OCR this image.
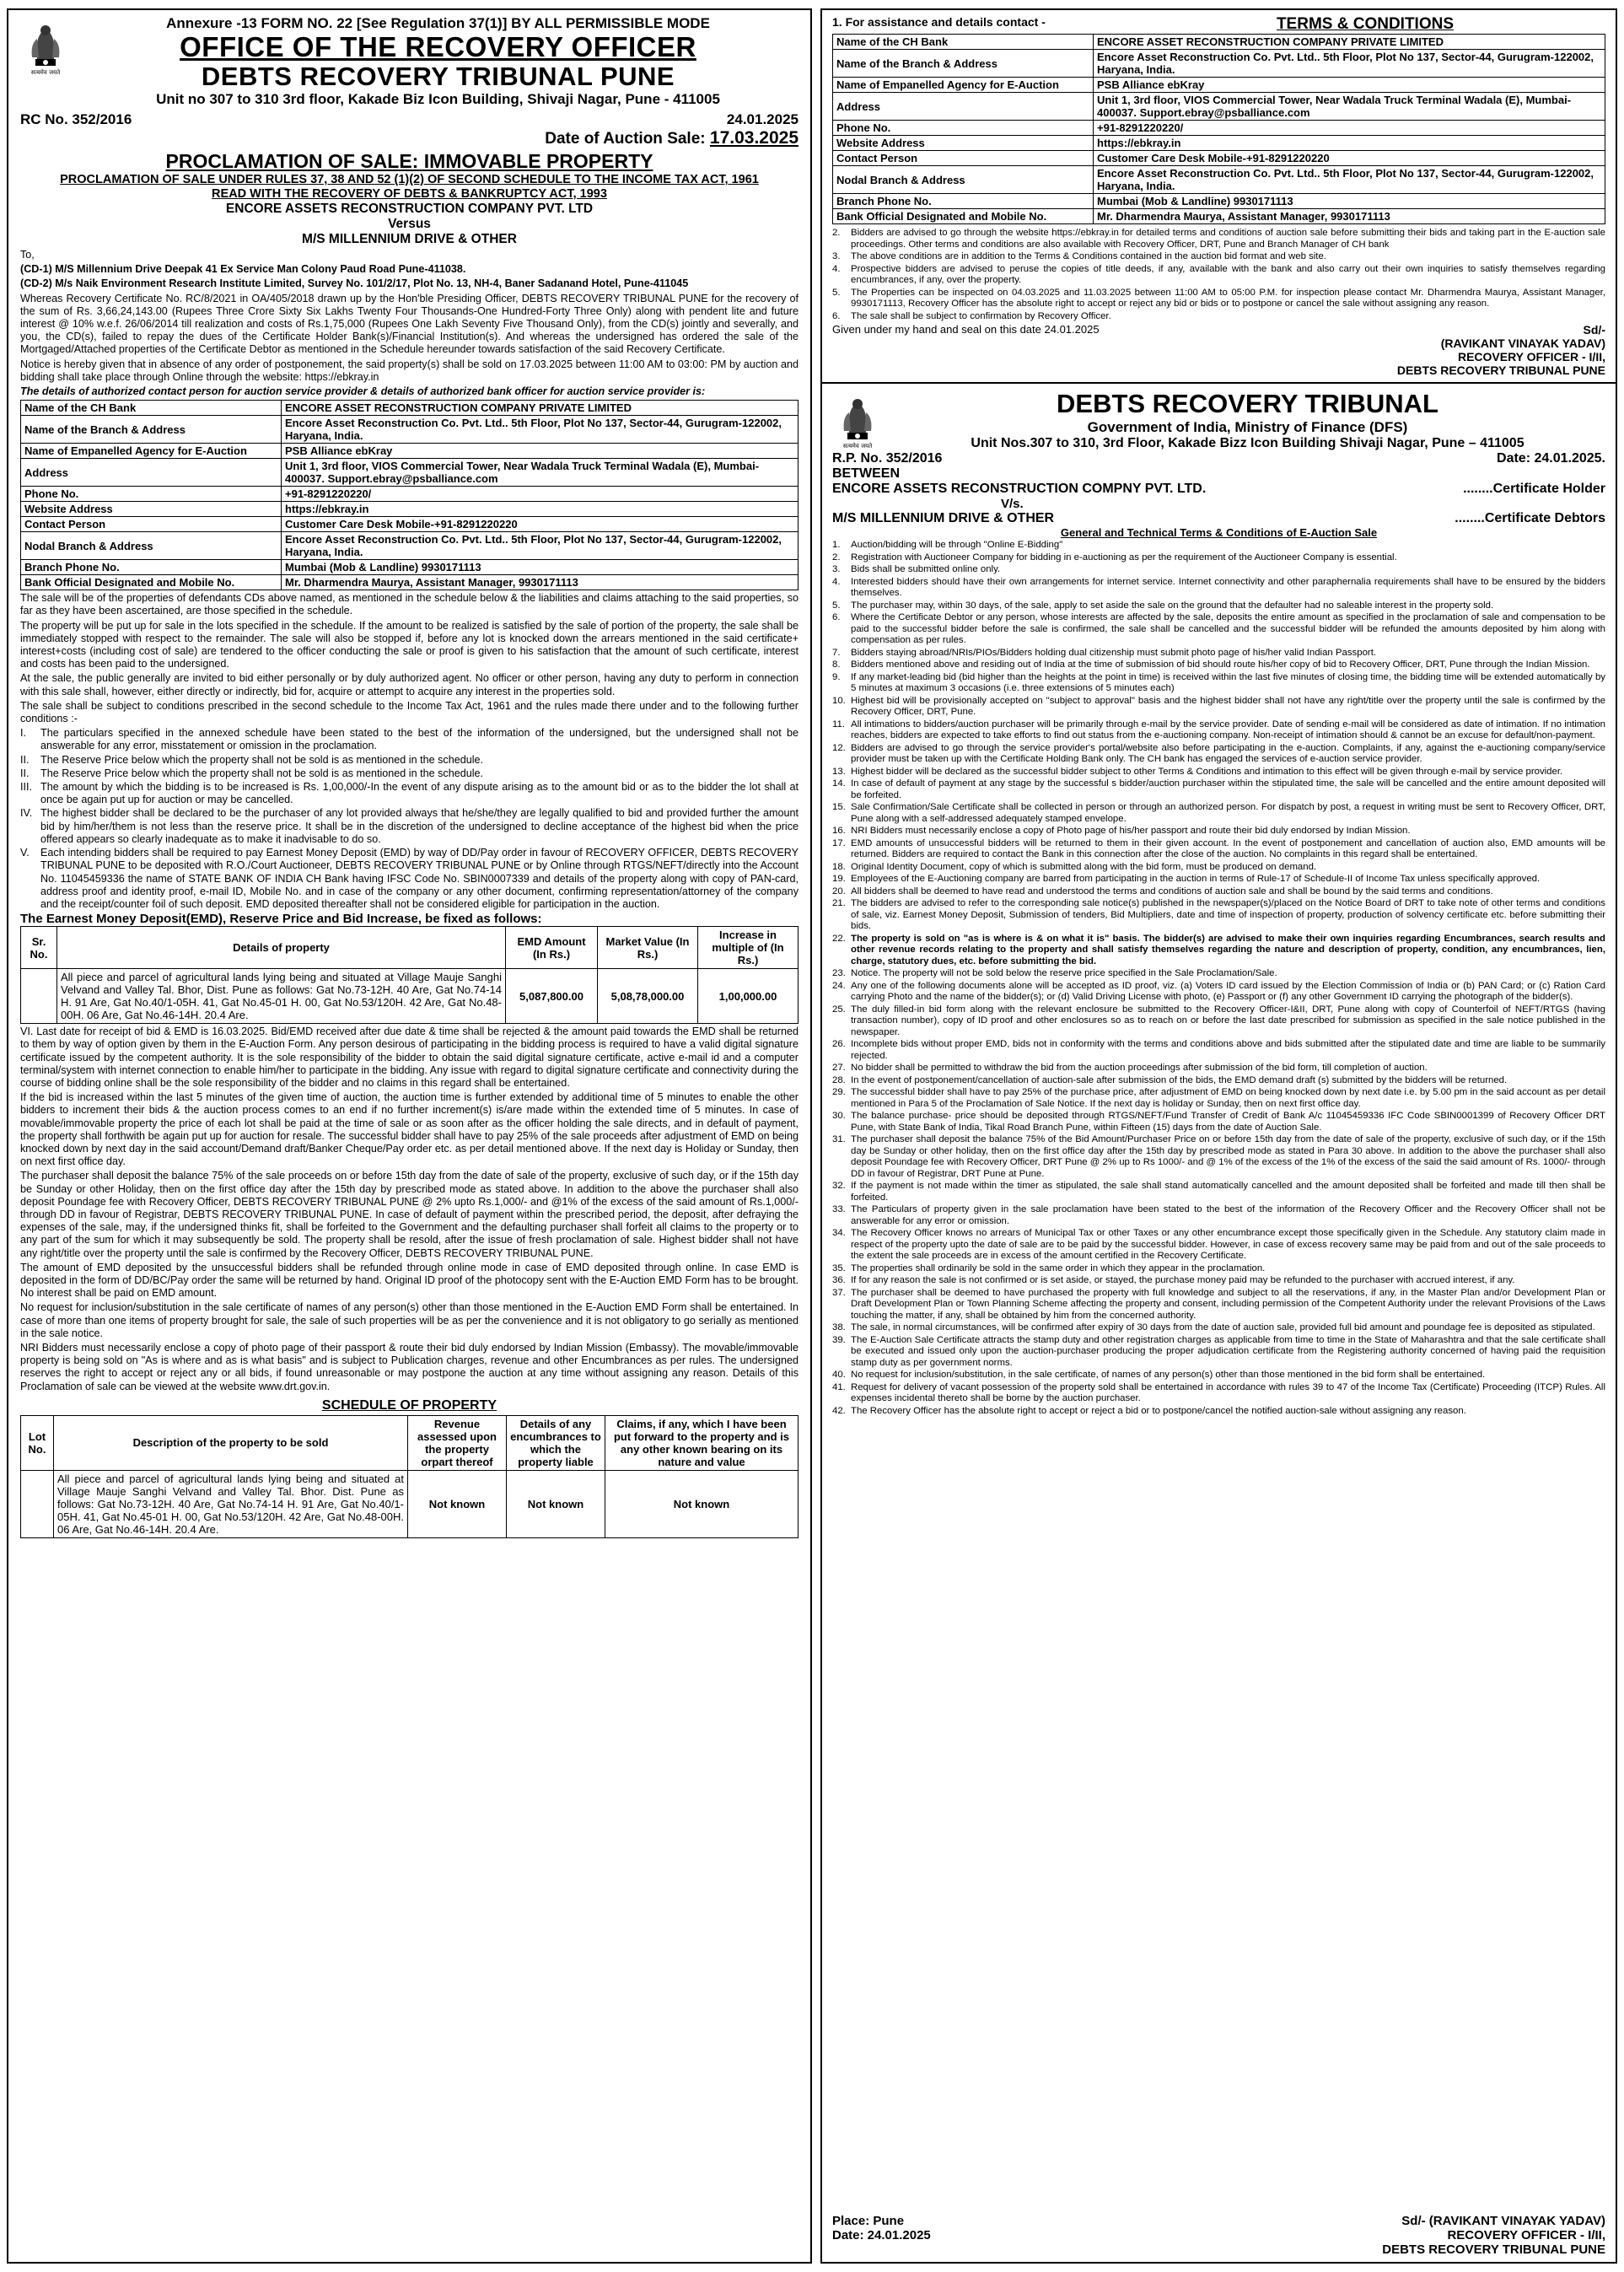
सत्यमेव जयते
Annexure -13 FORM NO. 22 [See Regulation 37(1)] BY ALL PERMISSIBLE MODE
OFFICE OF THE RECOVERY OFFICER
DEBTS RECOVERY TRIBUNAL PUNE
Unit no 307 to 310 3rd floor, Kakade Biz Icon Building, Shivaji Nagar, Pune - 411005
RC No. 352/2016	24.01.2025
Date of Auction Sale: 17.03.2025
PROCLAMATION OF SALE: IMMOVABLE PROPERTY
PROCLAMATION OF SALE UNDER RULES 37, 38 AND 52 (1)(2) OF SECOND SCHEDULE TO THE INCOME TAX ACT, 1961
READ WITH THE RECOVERY OF DEBTS & BANKRUPTCY ACT, 1993
ENCORE ASSETS RECONSTRUCTION COMPANY PVT. LTD
Versus
M/S MILLENNIUM DRIVE & OTHER
To,
(CD-1) M/S Millennium Drive Deepak 41 Ex Service Man Colony Paud Road Pune-411038.
(CD-2) M/s Naik Environment Research Institute Limited, Survey No. 101/2/17, Plot No. 13, NH-4, Baner Sadanand Hotel, Pune-411045
Whereas Recovery Certificate No. RC/8/2021 in OA/405/2018 drawn up by the Hon'ble Presiding Officer, DEBTS RECOVERY TRIBUNAL PUNE for the recovery of the sum of Rs. 3,66,24,143.00 (Rupees Three Crore Sixty Six Lakhs Twenty Four Thousands-One Hundred-Forty Three Only) along with pendent lite and future interest @ 10% w.e.f. 26/06/2014 till realization and costs of Rs.1,75,000 (Rupees One Lakh Seventy Five Thousand Only), from the CD(s) jointly and severally, and you, the CD(s), failed to repay the dues of the Certificate Holder Bank(s)/Financial Institution(s). And whereas the undersigned has ordered the sale of the Mortgaged/Attached properties of the Certificate Debtor as mentioned in the Schedule hereunder towards satisfaction of the said Recovery Certificate.
Notice is hereby given that in absence of any order of postponement, the said property(s) shall be sold on 17.03.2025 between 11:00 AM to 03:00: PM by auction and bidding shall take place through Online through the website: https://ebkray.in
The details of authorized contact person for auction service provider & details of authorized bank officer for auction service provider is:
Name of the CH Bank	ENCORE ASSET RECONSTRUCTION COMPANY PRIVATE LIMITED
Name of the Branch & Address	Encore Asset Reconstruction Co. Pvt. Ltd.. 5th Floor, Plot No 137, Sector-44, Gurugram-122002, Haryana, India.
Name of Empanelled Agency for E-Auction	PSB Alliance ebKray
Address	Unit 1, 3rd floor, VIOS Commercial Tower, Near Wadala Truck Terminal Wadala (E), Mumbai-400037. Support.ebray@psballiance.com
Phone No.	+91-8291220220/
Website Address	https://ebkray.in
Contact Person	Customer Care Desk Mobile-+91-8291220220
Nodal Branch & Address	Encore Asset Reconstruction Co. Pvt. Ltd.. 5th Floor, Plot No 137, Sector-44, Gurugram-122002, Haryana, India.
Branch Phone No.	Mumbai (Mob & Landline) 9930171113
Bank Official Designated and Mobile No.	Mr. Dharmendra Maurya, Assistant Manager, 9930171113
The sale will be of the properties of defendants CDs above named, as mentioned in the schedule below & the liabilities and claims attaching to the said properties, so far as they have been ascertained, are those specified in the schedule.
The property will be put up for sale in the lots specified in the schedule. If the amount to be realized is satisfied by the sale of portion of the property, the sale shall be immediately stopped with respect to the remainder. The sale will also be stopped if, before any lot is knocked down the arrears mentioned in the said certificate+ interest+costs (including cost of sale) are tendered to the officer conducting the sale or proof is given to his satisfaction that the amount of such certificate, interest and costs has been paid to the undersigned.
At the sale, the public generally are invited to bid either personally or by duly authorized agent. No officer or other person, having any duty to perform in connection with this sale shall, however, either directly or indirectly, bid for, acquire or attempt to acquire any interest in the properties sold.
The sale shall be subject to conditions prescribed in the second schedule to the Income Tax Act, 1961 and the rules made there under and to the following further conditions :-
I.	The particulars specified in the annexed schedule have been stated to the best of the information of the undersigned, but the undersigned shall not be answerable for any error, misstatement or omission in the proclamation.
II.	The Reserve Price below which the property shall not be sold is as mentioned in the schedule.
II.	The Reserve Price below which the property shall not be sold is as mentioned in the schedule.
III. The amount by which the bidding is to be increased is Rs. 1,00,000/-In the event of any dispute arising as to the amount bid or as to the bidder the lot shall at once be again put up for auction or may be cancelled.
IV. The highest bidder shall be declared to be the purchaser of any lot provided always that he/she/they are legally qualified to bid and provided further the amount bid by him/her/them is not less than the reserve price. It shall be in the discretion of the undersigned to decline acceptance of the highest bid when the price offered appears so clearly inadequate as to make it inadvisable to do so.
V.	Each intending bidders shall be required to pay Earnest Money Deposit (EMD) by way of DD/Pay order in favour of RECOVERY OFFICER, DEBTS RECOVERY TRIBUNAL PUNE to be deposited with R.O./Court Auctioneer, DEBTS RECOVERY TRIBUNAL PUNE or by Online through RTGS/NEFT/directly into the Account No. 11045459336 the name of STATE BANK OF INDIA CH Bank having IFSC Code No. SBIN0007339 and details of the property along with copy of PAN-card, address proof and identity proof, e-mail ID, Mobile No. and in case of the company or any other document, confirming representation/attorney of the company and the receipt/counter foil of such deposit. EMD deposited thereafter shall not be considered eligible for participation in the auction.
The Earnest Money Deposit(EMD), Reserve Price and Bid Increase, be fixed as follows:
Sr. No.	Details of property	EMD Amount (In Rs.)	Market Value (In Rs.)	Increase in multiple of (In Rs.)
	All piece and parcel of agricultural lands lying being and situated at Village Mauje Sanghi Velvand and Valley Tal. Bhor, Dist. Pune as follows: Gat No.73-12H. 40 Are, Gat No.74-14 H. 91 Are, Gat No.40/1-05H. 41, Gat No.45-01 H. 00, Gat No.53/120H. 42 Are, Gat No.48-00H. 06 Are, Gat No.46-14H. 20.4 Are.	5,087,800.00	5,08,78,000.00	1,00,000.00
VI. Last date for receipt of bid & EMD is 16.03.2025. Bid/EMD received after due date & time shall be rejected & the amount paid towards the EMD shall be returned to them by way of option given by them in the E-Auction Form. Any person desirous of participating in the bidding process is required to have a valid digital signature certificate issued by the competent authority. It is the sole responsibility of the bidder to obtain the said digital signature certificate, active e-mail id and a computer terminal/system with internet connection to enable him/her to participate in the bidding. Any issue with regard to digital signature certificate and connectivity during the course of bidding online shall be the sole responsibility of the bidder and no claims in this regard shall be entertained.
If the bid is increased within the last 5 minutes of the given time of auction, the auction time is further extended by additional time of 5 minutes to enable the other bidders to increment their bids & the auction process comes to an end if no further increment(s) is/are made within the extended time of 5 minutes. In case of movable/immovable property the price of each lot shall be paid at the time of sale or as soon after as the officer holding the sale directs, and in default of payment, the property shall forthwith be again put up for auction for resale. The successful bidder shall have to pay 25% of the sale proceeds after adjustment of EMD on being knocked down by next day in the said account/Demand draft/Banker Cheque/Pay order etc. as per detail mentioned above. If the next day is Holiday or Sunday, then on next first office day.
The purchaser shall deposit the balance 75% of the sale proceeds on or before 15th day from the date of sale of the property, exclusive of such day, or if the 15th day be Sunday or other Holiday, then on the first office day after the 15th day by prescribed mode as stated above. In addition to the above the purchaser shall also deposit Poundage fee with Recovery Officer, DEBTS RECOVERY TRIBUNAL PUNE @ 2% upto Rs.1,000/- and @1% of the excess of the said amount of Rs.1,000/- through DD in favour of Registrar, DEBTS RECOVERY TRIBUNAL PUNE. In case of default of payment within the prescribed period, the deposit, after defraying the expenses of the sale, may, if the undersigned thinks fit, shall be forfeited to the Government and the defaulting purchaser shall forfeit all claims to the property or to any part of the sum for which it may subsequently be sold. The property shall be resold, after the issue of fresh proclamation of sale. Highest bidder shall not have any right/title over the property until the sale is confirmed by the Recovery Officer, DEBTS RECOVERY TRIBUNAL PUNE.
The amount of EMD deposited by the unsuccessful bidders shall be refunded through online mode in case of EMD deposited through online. In case EMD is deposited in the form of DD/BC/Pay order the same will be returned by hand. Original ID proof of the photocopy sent with the E-Auction EMD Form has to be brought. No interest shall be paid on EMD amount.
No request for inclusion/substitution in the sale certificate of names of any person(s) other than those mentioned in the E-Auction EMD Form shall be entertained. In case of more than one items of property brought for sale, the sale of such properties will be as per the convenience and it is not obligatory to go serially as mentioned in the sale notice.
NRI Bidders must necessarily enclose a copy of photo page of their passport & route their bid duly endorsed by Indian Mission (Embassy). The movable/immovable property is being sold on "As is where and as is what basis" and is subject to Publication charges, revenue and other Encumbrances as per rules. The undersigned reserves the right to accept or reject any or all bids, if found unreasonable or may postpone the auction at any time without assigning any reason. Details of this Proclamation of sale can be viewed at the website www.drt.gov.in.
SCHEDULE OF PROPERTY
Lot No.	Description of the property to be sold	Revenue assessed upon the property orpart thereof	Details of any encumbrances to which the property liable	Claims, if any, which I have been put forward to the property and is any other known bearing on its nature and value
	All piece and parcel of agricultural lands lying being and situated at Village Mauje Sanghi Velvand and Valley Tal. Bhor. Dist. Pune as follows: Gat No.73-12H. 40 Are, Gat No.74-14 H. 91 Are, Gat No.40/1-05H. 41, Gat No.45-01 H. 00, Gat No.53/120H. 42 Are, Gat No.48-00H. 06 Are, Gat No.46-14H. 20.4 Are.	Not known	Not known	Not known
1. For assistance and details contact -	TERMS & CONDITIONS
Name of the CH Bank	ENCORE ASSET RECONSTRUCTION COMPANY PRIVATE LIMITED
Name of the Branch & Address	Encore Asset Reconstruction Co. Pvt. Ltd.. 5th Floor, Plot No 137, Sector-44, Gurugram-122002, Haryana, India.
Name of Empanelled Agency for E-Auction	PSB Alliance ebKray
Address	Unit 1, 3rd floor, VIOS Commercial Tower, Near Wadala Truck Terminal Wadala (E), Mumbai-400037. Support.ebray@psballiance.com
Phone No.	+91-8291220220/
Website Address	https://ebkray.in
Contact Person	Customer Care Desk Mobile-+91-8291220220
Nodal Branch & Address	Encore Asset Reconstruction Co. Pvt. Ltd.. 5th Floor, Plot No 137, Sector-44, Gurugram-122002, Haryana, India.
Branch Phone No.	Mumbai (Mob & Landline) 9930171113
Bank Official Designated and Mobile No.	Mr. Dharmendra Maurya, Assistant Manager, 9930171113
2.	Bidders are advised to go through the website https://ebkray.in for detailed terms and conditions of auction sale before submitting their bids and taking part in the E-auction sale proceedings. Other terms and conditions are also available with Recovery Officer, DRT, Pune and Branch Manager of CH bank
3.	The above conditions are in addition to the Terms & Conditions contained in the auction bid format and web site.
4.	Prospective bidders are advised to peruse the copies of title deeds, if any, available with the bank and also carry out their own inquiries to satisfy themselves regarding encumbrances, if any, over the property.
5.	The Properties can be inspected on 04.03.2025 and 11.03.2025 between 11:00 AM to 05:00 P.M. for inspection please contact Mr. Dharmendra Maurya, Assistant Manager, 9930171113, Recovery Officer has the absolute right to accept or reject any bid or bids or to postpone or cancel the sale without assigning any reason.
6.	The sale shall be subject to confirmation by Recovery Officer.
Given under my hand and seal on this date 24.01.2025	Sd/-
(RAVIKANT VINAYAK YADAV)
RECOVERY OFFICER - I/II,
DEBTS RECOVERY TRIBUNAL PUNE
सत्यमेव जयते
DEBTS RECOVERY TRIBUNAL
Government of India, Ministry of Finance (DFS)
Unit Nos.307 to 310, 3rd Floor, Kakade Bizz Icon Building Shivaji Nagar, Pune – 411005
R.P. No. 352/2016	Date: 24.01.2025.
BETWEEN
ENCORE ASSETS RECONSTRUCTION COMPNY PVT. LTD.	........Certificate Holder
V/s.
M/S MILLENNIUM DRIVE & OTHER	........Certificate Debtors
General and Technical Terms & Conditions of E-Auction Sale
1.	Auction/bidding will be through "Online E-Bidding"
2.	Registration with Auctioneer Company for bidding in e-auctioning as per the requirement of the Auctioneer Company is essential.
3.	Bids shall be submitted online only.
4.	Interested bidders should have their own arrangements for internet service. Internet connectivity and other paraphernalia requirements shall have to be ensured by the bidders themselves.
5.	The purchaser may, within 30 days, of the sale, apply to set aside the sale on the ground that the defaulter had no saleable interest in the property sold.
6.	Where the Certificate Debtor or any person, whose interests are affected by the sale, deposits the entire amount as specified in the proclamation of sale and compensation to be paid to the successful bidder before the sale is confirmed, the sale shall be cancelled and the successful bidder will be refunded the amounts deposited by him along with compensation as per rules.
7.	Bidders staying abroad/NRIs/PIOs/Bidders holding dual citizenship must submit photo page of his/her valid Indian Passport.
8.	Bidders mentioned above and residing out of India at the time of submission of bid should route his/her copy of bid to Recovery Officer, DRT, Pune through the Indian Mission.
9.	If any market-leading bid (bid higher than the heights at the point in time) is received within the last five minutes of closing time, the bidding time will be extended automatically by 5 minutes at maximum 3 occasions (i.e. three extensions of 5 minutes each)
10. Highest bid will be provisionally accepted on "subject to approval" basis and the highest bidder shall not have any right/title over the property until the sale is confirmed by the Recovery Officer, DRT, Pune.
11. All intimations to bidders/auction purchaser will be primarily through e-mail by the service provider. Date of sending e-mail will be considered as date of intimation. If no intimation reaches, bidders are expected to take efforts to find out status from the e-auctioning company. Non-receipt of intimation should & cannot be an excuse for default/non-payment.
12. Bidders are advised to go through the service provider's portal/website also before participating in the e-auction. Complaints, if any, against the e-auctioning company/service provider must be taken up with the Certificate Holding Bank only. The CH bank has engaged the services of e-auction service provider.
13. Highest bidder will be declared as the successful bidder subject to other Terms & Conditions and intimation to this effect will be given through e-mail by service provider.
14. In case of default of payment at any stage by the successful s bidder/auction purchaser within the stipulated time, the sale will be cancelled and the entire amount deposited will be forfeited.
15. Sale Confirmation/Sale Certificate shall be collected in person or through an authorized person. For dispatch by post, a request in writing must be sent to Recovery Officer, DRT, Pune along with a self-addressed adequately stamped envelope.
16. NRI Bidders must necessarily enclose a copy of Photo page of his/her passport and route their bid duly endorsed by Indian Mission.
17. EMD amounts of unsuccessful bidders will be returned to them in their given account. In the event of postponement and cancellation of auction also, EMD amounts will be returned. Bidders are required to contact the Bank in this connection after the close of the auction. No complaints in this regard shall be entertained.
18. Original Identity Document, copy of which is submitted along with the bid form, must be produced on demand.
19. Employees of the E-Auctioning company are barred from participating in the auction in terms of Rule-17 of Schedule-II of Income Tax unless specifically approved.
20. All bidders shall be deemed to have read and understood the terms and conditions of auction sale and shall be bound by the said terms and conditions.
21. The bidders are advised to refer to the corresponding sale notice(s) published in the newspaper(s)/placed on the Notice Board of DRT to take note of other terms and conditions of sale, viz. Earnest Money Deposit, Submission of tenders, Bid Multipliers, date and time of inspection of property, production of solvency certificate etc. before submitting their bids.
22. The property is sold on "as is where is & on what it is" basis. The bidder(s) are advised to make their own inquiries regarding Encumbrances, search results and other revenue records relating to the property and shall satisfy themselves regarding the nature and description of property, condition, any encumbrances, lien, charge, statutory dues, etc. before submitting the bid.
23. Notice. The property will not be sold below the reserve price specified in the Sale Proclamation/Sale.
24. Any one of the following documents alone will be accepted as ID proof, viz. (a) Voters ID card issued by the Election Commission of India or (b) PAN Card; or (c) Ration Card carrying Photo and the name of the bidder(s); or (d) Valid Driving License with photo, (e) Passport or (f) any other Government ID carrying the photograph of the bidder(s).
25. The duly filled-in bid form along with the relevant enclosure be submitted to the Recovery Officer-I&II, DRT, Pune along with copy of Counterfoil of NEFT/RTGS (having transaction number), copy of ID proof and other enclosures so as to reach on or before the last date prescribed for submission as specified in the sale notice published in the newspaper.
26. Incomplete bids without proper EMD, bids not in conformity with the terms and conditions above and bids submitted after the stipulated date and time are liable to be summarily rejected.
27. No bidder shall be permitted to withdraw the bid from the auction proceedings after submission of the bid form, till completion of auction.
28. In the event of postponement/cancellation of auction-sale after submission of the bids, the EMD demand draft (s) submitted by the bidders will be returned.
29. The successful bidder shall have to pay 25% of the purchase price, after adjustment of EMD on being knocked down by next date i.e. by 5.00 pm in the said account as per detail mentioned in Para 5 of the Proclamation of Sale Notice. If the next day is holiday or Sunday, then on next first office day.
30. The balance purchase- price should be deposited through RTGS/NEFT/Fund Transfer of Credit of Bank A/c 11045459336 IFC Code SBIN0001399 of Recovery Officer DRT Pune, with State Bank of India, Tikal Road Branch Pune, within Fifteen (15) days from the date of Auction Sale.
31. The purchaser shall deposit the balance 75% of the Bid Amount/Purchaser Price on or before 15th day from the date of sale of the property, exclusive of such day, or if the 15th day be Sunday or other holiday, then on the first office day after the 15th day by prescribed mode as stated in Para 30 above. In addition to the above the purchaser shall also deposit Poundage fee with Recovery Officer, DRT Pune @ 2% up to Rs 1000/- and @ 1% of the excess of the 1% of the excess of the said the said amount of Rs. 1000/- through DD in favour of Registrar, DRT Pune at Pune.
32. If the payment is not made within the timer as stipulated, the sale shall stand automatically cancelled and the amount deposited shall be forfeited and made till then shall be forfeited.
33. The Particulars of property given in the sale proclamation have been stated to the best of the information of the Recovery Officer and the Recovery Officer shall not be answerable for any error or omission.
34. The Recovery Officer knows no arrears of Municipal Tax or other Taxes or any other encumbrance except those specifically given in the Schedule. Any statutory claim made in respect of the property upto the date of sale are to be paid by the successful bidder. However, in case of excess recovery same may be paid from and out of the sale proceeds to the extent the sale proceeds are in excess of the amount certified in the Recovery Certificate.
35. The properties shall ordinarily be sold in the same order in which they appear in the proclamation.
36. If for any reason the sale is not confirmed or is set aside, or stayed, the purchase money paid may be refunded to the purchaser with accrued interest, if any.
37. The purchaser shall be deemed to have purchased the property with full knowledge and subject to all the reservations, if any, in the Master Plan and/or Development Plan or Draft Development Plan or Town Planning Scheme affecting the property and consent, including permission of the Competent Authority under the relevant Provisions of the Laws touching the matter, if any, shall be obtained by him from the concerned authority.
38. The sale, in normal circumstances, will be confirmed after expiry of 30 days from the date of auction sale, provided full bid amount and poundage fee is deposited as stipulated.
39. The E-Auction Sale Certificate attracts the stamp duty and other registration charges as applicable from time to time in the State of Maharashtra and that the sale certificate shall be executed and issued only upon the auction-purchaser producing the proper adjudication certificate from the Registering authority concerned of having paid the requisition stamp duty as per government norms.
40. No request for inclusion/substitution, in the sale certificate, of names of any person(s) other than those mentioned in the bid form shall be entertained.
41. Request for delivery of vacant possession of the property sold shall be entertained in accordance with rules 39 to 47 of the Income Tax (Certificate) Proceeding (ITCP) Rules. All expenses incidental thereto shall be borne by the auction purchaser.
42. The Recovery Officer has the absolute right to accept or reject a bid or to postpone/cancel the notified auction-sale without assigning any reason.
Place: Pune
Date: 24.01.2025
Sd/- (RAVIKANT VINAYAK YADAV)
RECOVERY OFFICER - I/II,
DEBTS RECOVERY TRIBUNAL PUNE
